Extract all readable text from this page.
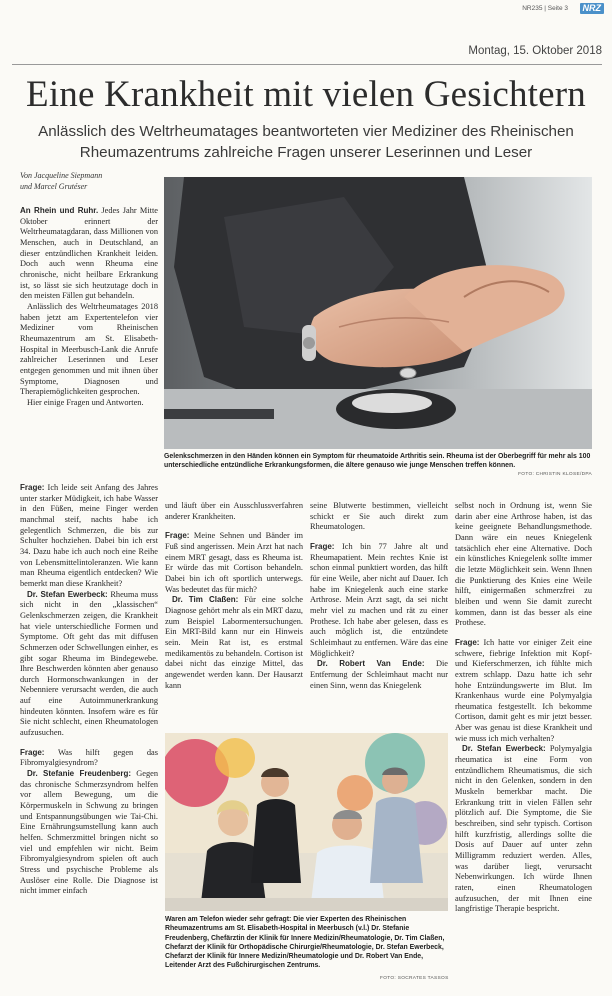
NR235 | Seite 3	NRZ
Montag, 15. Oktober 2018
Eine Krankheit mit vielen Gesichtern
Anlässlich des Weltrheumatages beantworteten vier Mediziner des Rheinischen Rheumazentrums zahlreiche Fragen unserer Leserinnen und Leser
Von Jacqueline Siepmann
und Marcel Grutéser
Gelenkschmerzen in den Händen können ein Symptom für rheumatoide Arthritis sein. Rheuma ist der Oberbegriff für mehr als 100 unterschiedliche entzündliche Erkrankungsformen, die ältere genauso wie junge Menschen treffen können.
FOTO: CHRISTIN KLOSE/DPA

An Rhein und Ruhr. Jedes Jahr Mitte Oktober erinnert der Weltrheumatagdaran, dass Millionen von Menschen, auch in Deutschland, an dieser entzündlichen Krankheit leiden. Doch auch wenn Rheuma eine chronische, nicht heilbare Erkrankung ist, so lässt sie sich heutzutage doch in den meisten Fällen gut behandeln.

Anlässlich des Weltrheumatages 2018 haben jetzt am Expertentelefon vier Mediziner vom Rheinischen Rheumazentrum am St. Elisabeth-Hospital in Meerbusch-Lank die Anrufe zahlreicher Leserinnen und Leser entgegen genommen und mit ihnen über Symptome, Diagnosen und Therapiemöglichkeiten gesprochen.

Hier einige Fragen und Antworten.

Frage: Ich leide seit Anfang des Jahres unter starker Müdigkeit, ich habe Wasser in den Füßen, meine Finger werden manchmal steif, nachts habe ich gelegentlich Schmerzen, die bis zur Schulter hochziehen. Dabei bin ich erst 34. Dazu habe ich auch noch eine Reihe von Lebensmittelintoleranzen. Wie kann man Rheuma eigentlich entdecken? Wie bemerkt man diese Krankheit?

Dr. Stefan Ewerbeck: Rheuma muss sich nicht in den „klassischen“ Gelenkschmerzen zeigen, die Krankheit hat viele unterschiedliche Formen und Symptome. Oft geht das mit diffusen Schmerzen oder Schwellungen einher, es gibt sogar Rheuma im Bindegewebe. Ihre Beschwerden könnten aber genauso durch Hormonschwankungen in der Nebenniere verursacht werden, die auch auf eine Autoimmunerkrankung hindeuten könnten. Insofern wäre es für Sie nicht schlecht, einen Rheumatologen aufzusuchen.

Frage: Was hilft gegen das Fibromyalgiesyndrom?

Dr. Stefanie Freudenberg: Gegen das chronische Schmerzsyndrom helfen vor allem Bewegung, um die Körpermuskeln in Schwung zu bringen und Entspannungsübungen wie Tai-Chi. Eine Ernährungsumstellung kann auch helfen. Schmerzmittel bringen nicht so viel und empfehlen wir nicht. Beim Fibromyalgiesyndrom spielen oft auch Stress und psychische Probleme als Auslöser eine Rolle. Die Diagnose ist nicht immer einfach

und läuft über ein Ausschlussverfahren anderer Krankheiten.

Frage: Meine Sehnen und Bänder im Fuß sind angerissen. Mein Arzt hat nach einem MRT gesagt, dass es Rheuma ist. Er würde das mit Cortison behandeln. Dabei bin ich oft sportlich unterwegs. Was bedeutet das für mich?

Dr. Tim Claßen: Für eine solche Diagnose gehört mehr als ein MRT dazu, zum Beispiel Labormentersuchungen. Ein MRT-Bild kann nur ein Hinweis sein. Mein Rat ist, es erstmal medikamentös zu behandeln. Cortison ist dabei nicht das einzige Mittel, das angewendet werden kann. Der Hausarzt kann

seine Blutwerte bestimmen, vielleicht schickt er Sie auch direkt zum Rheumatologen.

Frage: Ich bin 77 Jahre alt und Rheumapatient. Mein rechtes Knie ist schon einmal punktiert worden, das hilft für eine Weile, aber nicht auf Dauer. Ich habe im Kniegelenk auch eine starke Arthrose. Mein Arzt sagt, da sei nicht mehr viel zu machen und rät zu einer Prothese. Ich habe aber gelesen, dass es auch möglich ist, die entzündete Schleimhaut zu entfernen. Wäre das eine Möglichkeit?

Dr. Robert Van Ende: Die Entfernung der Schleimhaut macht nur einen Sinn, wenn das Kniegelenk

selbst noch in Ordnung ist, wenn Sie darin aber eine Arthrose haben, ist das keine geeignete Behandlungsmethode. Dann wäre ein neues Kniegelenk tatsächlich eher eine Alternative. Doch ein künstliches Kniegelenk sollte immer die letzte Möglichkeit sein. Wenn Ihnen die Punktierung des Knies eine Weile hilft, einigermaßen schmerzfrei zu bleiben und wenn Sie damit zurecht kommen, dann ist das besser als eine Prothese.

Frage: Ich hatte vor einiger Zeit eine schwere, fiebrige Infektion mit Kopf- und Kieferschmerzen, ich fühlte mich extrem schlapp. Dazu hatte ich sehr hohe Entzündungswerte im Blut. Im Krankenhaus wurde eine Polymyalgia rheumatica festgestellt. Ich bekomme Cortison, damit geht es mir jetzt besser. Aber was genau ist diese Krankheit und wie muss ich mich verhalten?

Dr. Stefan Ewerbeck: Polymyalgia rheumatica ist eine Form von entzündlichem Rheumatismus, die sich nicht in den Gelenken, sondern in den Muskeln bemerkbar macht. Die Erkrankung tritt in vielen Fällen sehr plötzlich auf. Die Symptome, die Sie beschreiben, sind sehr typisch. Cortison hilft kurzfristig, allerdings sollte die Dosis auf Dauer auf unter zehn Milligramm reduziert werden. Alles, was darüber liegt, verursacht Nebenwirkungen. Ich würde Ihnen raten, einen Rheumatologen aufzusuchen, der mit Ihnen eine langfristige Therapie bespricht.

Waren am Telefon wieder sehr gefragt: Die vier Experten des Rheinischen Rheumazentrums am St. Elisabeth-Hospital in Meerbusch (v.l.) Dr. Stefanie Freudenberg, Chefärztin der Klinik für Innere Medizin/Rheumatologie, Dr. Tim Claßen, Chefarzt der Klinik für Orthopädische Chirurgie/Rheumatologie, Dr. Stefan Ewerbeck, Chefarzt der Klinik für Innere Medizin/Rheumatologie und Dr. Robert Van Ende, Leitender Arzt des Fußchirurgischen Zentrums.
FOTO: SOCRATES TASSOS
